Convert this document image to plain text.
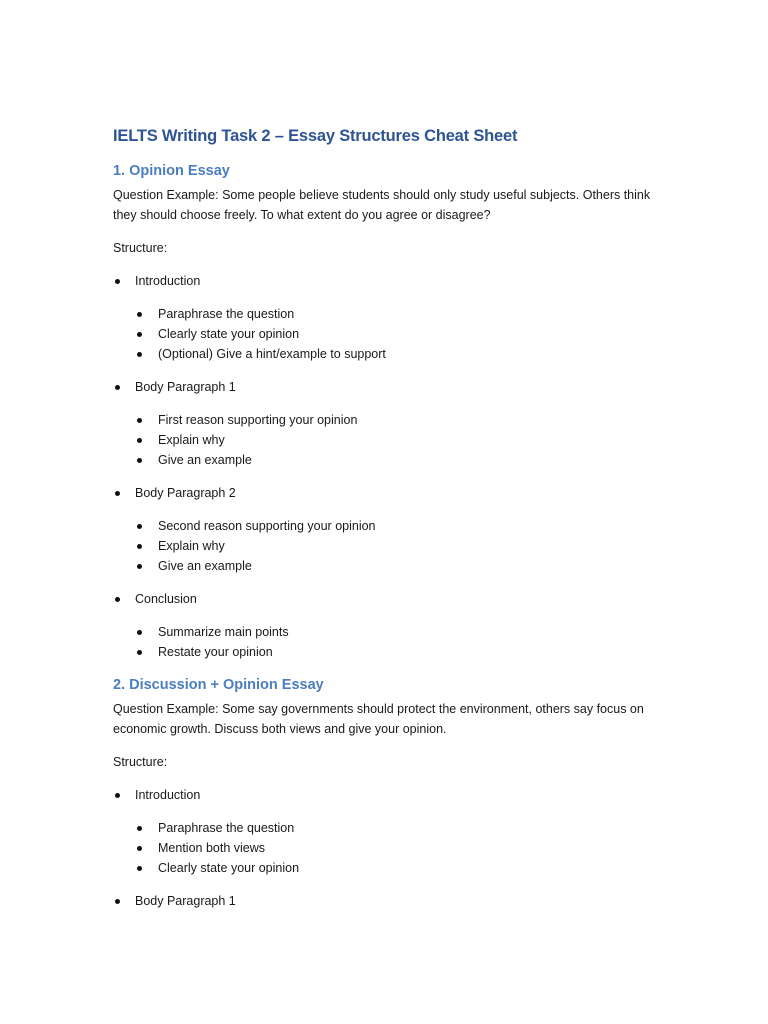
IELTS Writing Task 2 – Essay Structures Cheat Sheet
1. Opinion Essay
Question Example: Some people believe students should only study useful subjects. Others think they should choose freely. To what extent do you agree or disagree?
Structure:
Introduction
Paraphrase the question
Clearly state your opinion
(Optional) Give a hint/example to support
Body Paragraph 1
First reason supporting your opinion
Explain why
Give an example
Body Paragraph 2
Second reason supporting your opinion
Explain why
Give an example
Conclusion
Summarize main points
Restate your opinion
2. Discussion + Opinion Essay
Question Example: Some say governments should protect the environment, others say focus on economic growth. Discuss both views and give your opinion.
Structure:
Introduction
Paraphrase the question
Mention both views
Clearly state your opinion
Body Paragraph 1
